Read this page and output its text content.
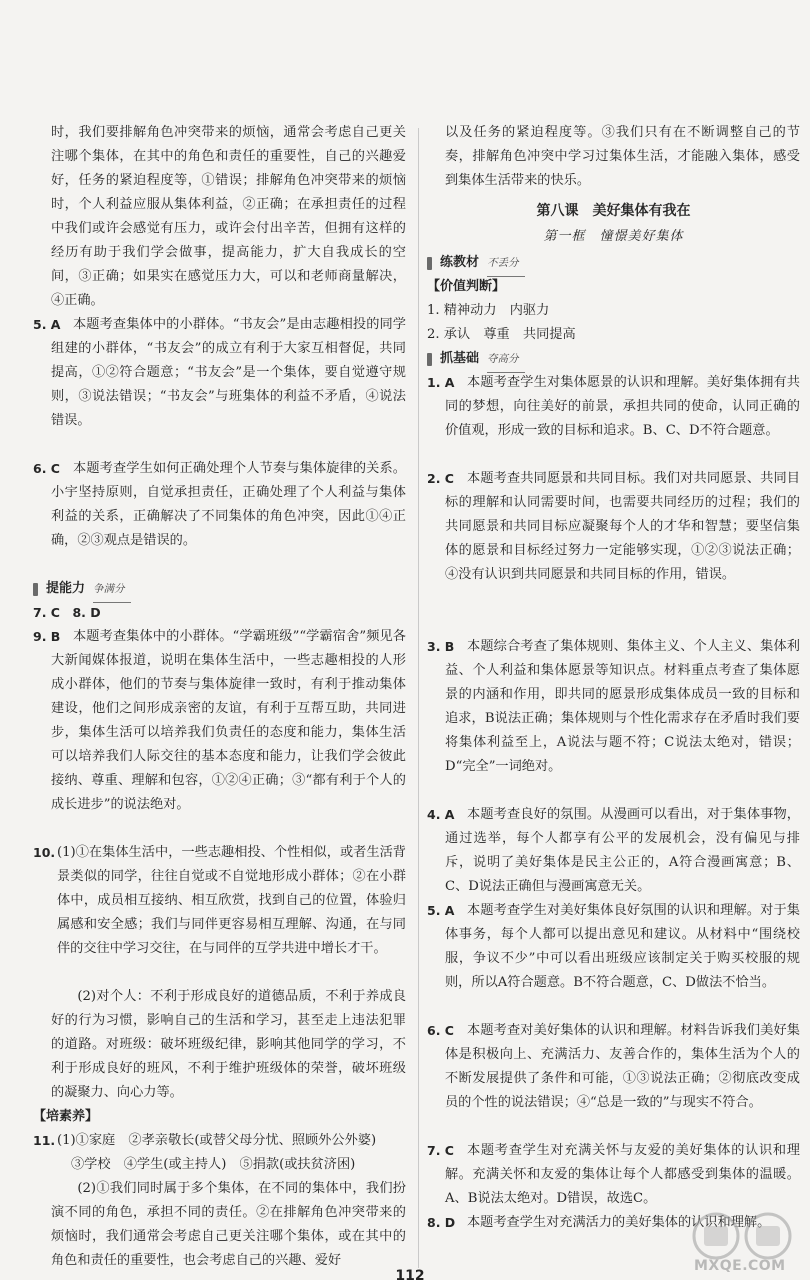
时，我们要排解角色冲突带来的烦恼，通常会考虑自己更关注哪个集体，在其中的角色和责任的重要性，自己的兴趣爱好，任务的紧迫程度等，①错误；排解角色冲突带来的烦恼时，个人利益应服从集体利益，②正确；在承担责任的过程中我们或许会感觉有压力，或许会付出辛苦，但拥有这样的经历有助于我们学会做事，提高能力，扩大自我成长的空间，③正确；如果实在感觉压力大，可以和老师商量解决，④正确。

5. A 本题考查集体中的小群体。“书友会”是由志趣相投的同学组建的小群体，“书友会”的成立有利于大家互相督促，共同提高，①②符合题意；“书友会”是一个集体，要自觉遵守规则，③说法错误；“书友会”与班集体的利益不矛盾，④说法错误。
6. C 本题考查学生如何正确处理个人节奏与集体旋律的关系。小宇坚持原则，自觉承担责任，正确处理了个人利益与集体利益的关系，正确解决了不同集体的角色冲突，因此①④正确，②③观点是错误的。
提能力 争满分

7. C　8. D

9. B 本题考查集体中的小群体。“学霸班级”“学霸宿舍”频见各大新闻媒体报道，说明在集体生活中，一些志趣相投的人形成小群体，他们的节奏与集体旋律一致时，有利于推动集体建设，他们之间形成亲密的友谊，有利于互帮互助，共同进步，集体生活可以培养我们负责任的态度和能力，集体生活可以培养我们人际交往的基本态度和能力，让我们学会彼此接纳、尊重、理解和包容，①②④正确；③“都有利于个人的成长进步”的说法绝对。
10. (1)①在集体生活中，一些志趣相投、个性相似，或者生活背景类似的同学，往往自觉或不自觉地形成小群体；②在小群体中，成员相互接纳、相互欣赏，找到自己的位置，体验归属感和安全感；我们与同伴更容易相互理解、沟通，在与同伴的交往中学习交往，在与同伴的互学共进中增长才干。
(2)对个人：不利于形成良好的道德品质，不利于养成良好的行为习惯，影响自己的生活和学习，甚至走上违法犯罪的道路。对班级：破坏班级纪律，影响其他同学的学习，不利于形成良好的班风，不利于维护班级体的荣誉，破坏班级的凝聚力、向心力等。
【培素养】
11. (1)①家庭　②孝亲敬长(或替父母分忧、照顾外公外婆)
③学校　④学生(或主持人)　⑤捐款(或扶贫济困)
(2)①我们同时属于多个集体，在不同的集体中，我们扮演不同的角色，承担不同的责任。②在排解角色冲突带来的烦恼时，我们通常会考虑自己更关注哪个集体，或在其中的角色和责任的重要性，也会考虑自己的兴趣、爱好

以及任务的紧迫程度等。③我们只有在不断调整自己的节奏，排解角色冲突中学习过集体生活，才能融入集体，感受到集体生活带来的快乐。

第八课　美好集体有我在
第一框　憧憬美好集体
练教材 不丢分
【价值判断】

1. 精神动力　内驱力

2. 承认　尊重　共同提高

抓基础 夺高分
1. A 本题考查学生对集体愿景的认识和理解。美好集体拥有共同的梦想，向往美好的前景，承担共同的使命，认同正确的价值观，形成一致的目标和追求。B、C、D不符合题意。
2. C 本题考查共同愿景和共同目标。我们对共同愿景、共同目标的理解和认同需要时间，也需要共同经历的过程；我们的共同愿景和共同目标应凝聚每个人的才华和智慧；要坚信集体的愿景和目标经过努力一定能够实现，①②③说法正确；④没有认识到共同愿景和共同目标的作用，错误。
3. B 本题综合考查了集体规则、集体主义、个人主义、集体利益、个人利益和集体愿景等知识点。材料重点考查了集体愿景的内涵和作用，即共同的愿景形成集体成员一致的目标和追求，B说法正确；集体规则与个性化需求存在矛盾时我们要将集体利益至上，A说法与题不符；C说法太绝对，错误；D“完全”一词绝对。
4. A 本题考查良好的氛围。从漫画可以看出，对于集体事物，通过选举，每个人都享有公平的发展机会，没有偏见与排斥，说明了美好集体是民主公正的，A符合漫画寓意；B、C、D说法正确但与漫画寓意无关。
5. A 本题考查学生对美好集体良好氛围的认识和理解。对于集体事务，每个人都可以提出意见和建议。从材料中“围绕校服，争议不少”中可以看出班级应该制定关于购买校服的规则，所以A符合题意。B不符合题意，C、D做法不恰当。
6. C 本题考查对美好集体的认识和理解。材料告诉我们美好集体是积极向上、充满活力、友善合作的，集体生活为个人的不断发展提供了条件和可能，①③说法正确；②彻底改变成员的个性的说法错误；④“总是一致的”与现实不符合。
7. C 本题考查学生对充满关怀与友爱的美好集体的认识和理解。充满关怀和友爱的集体让每个人都感受到集体的温暖。A、B说法太绝对。D错误，故选C。
8. D 本题考查学生对充满活力的美好集体的认识和理解。
112
MXQE.COM
